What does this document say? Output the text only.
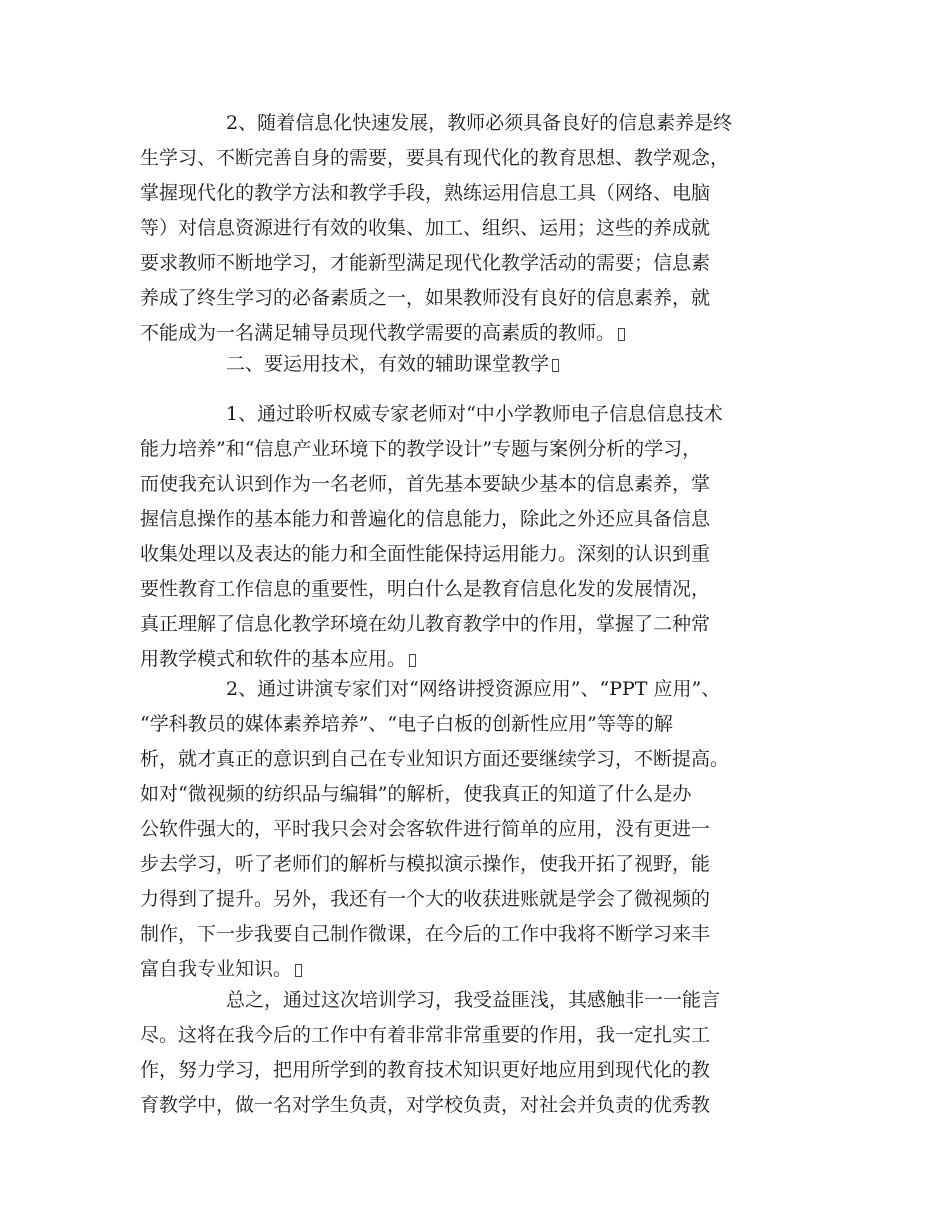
2、随着信息化快速发展，教师必须具备良好的信息素养是终
生学习、不断完善自身的需要，要具有现代化的教育思想、教学观念，
掌握现代化的教学方法和教学手段，熟练运用信息工具（网络、电脑
等）对信息资源进行有效的收集、加工、组织、运用；这些的养成就
要求教师不断地学习，才能新型满足现代化教学活动的需要；信息素
养成了终生学习的必备素质之一，如果教师没有良好的信息素养，就
不能成为一名满足辅导员现代教学需要的高素质的教师。
二、要运用技术，有效的辅助课堂教学
1、通过聆听权威专家老师对“中小学教师电子信息信息技术
能力培养”和“信息产业环境下的教学设计”专题与案例分析的学习，
而使我充认识到作为一名老师，首先基本要缺少基本的信息素养，掌
握信息操作的基本能力和普遍化的信息能力，除此之外还应具备信息
收集处理以及表达的能力和全面性能保持运用能力。深刻的认识到重
要性教育工作信息的重要性，明白什么是教育信息化发的发展情况，
真正理解了信息化教学环境在幼儿教育教学中的作用，掌握了二种常
用教学模式和软件的基本应用。
2、通过讲演专家们对“网络讲授资源应用”、“PPT 应用”、
“学科教员的媒体素养培养”、“电子白板的创新性应用”等等的解
析，就才真正的意识到自己在专业知识方面还要继续学习，不断提高。
如对“微视频的纺织品与编辑”的解析，使我真正的知道了什么是办
公软件强大的，平时我只会对会客软件进行简单的应用，没有更进一
步去学习，听了老师们的解析与模拟演示操作，使我开拓了视野，能
力得到了提升。另外，我还有一个大的收获进账就是学会了微视频的
制作，下一步我要自己制作微课，在今后的工作中我将不断学习来丰
富自我专业知识。
总之，通过这次培训学习，我受益匪浅，其感触非一一能言
尽。这将在我今后的工作中有着非常非常重要的作用，我一定扎实工
作，努力学习，把用所学到的教育技术知识更好地应用到现代化的教
育教学中，做一名对学生负责，对学校负责，对社会并负责的优秀教
